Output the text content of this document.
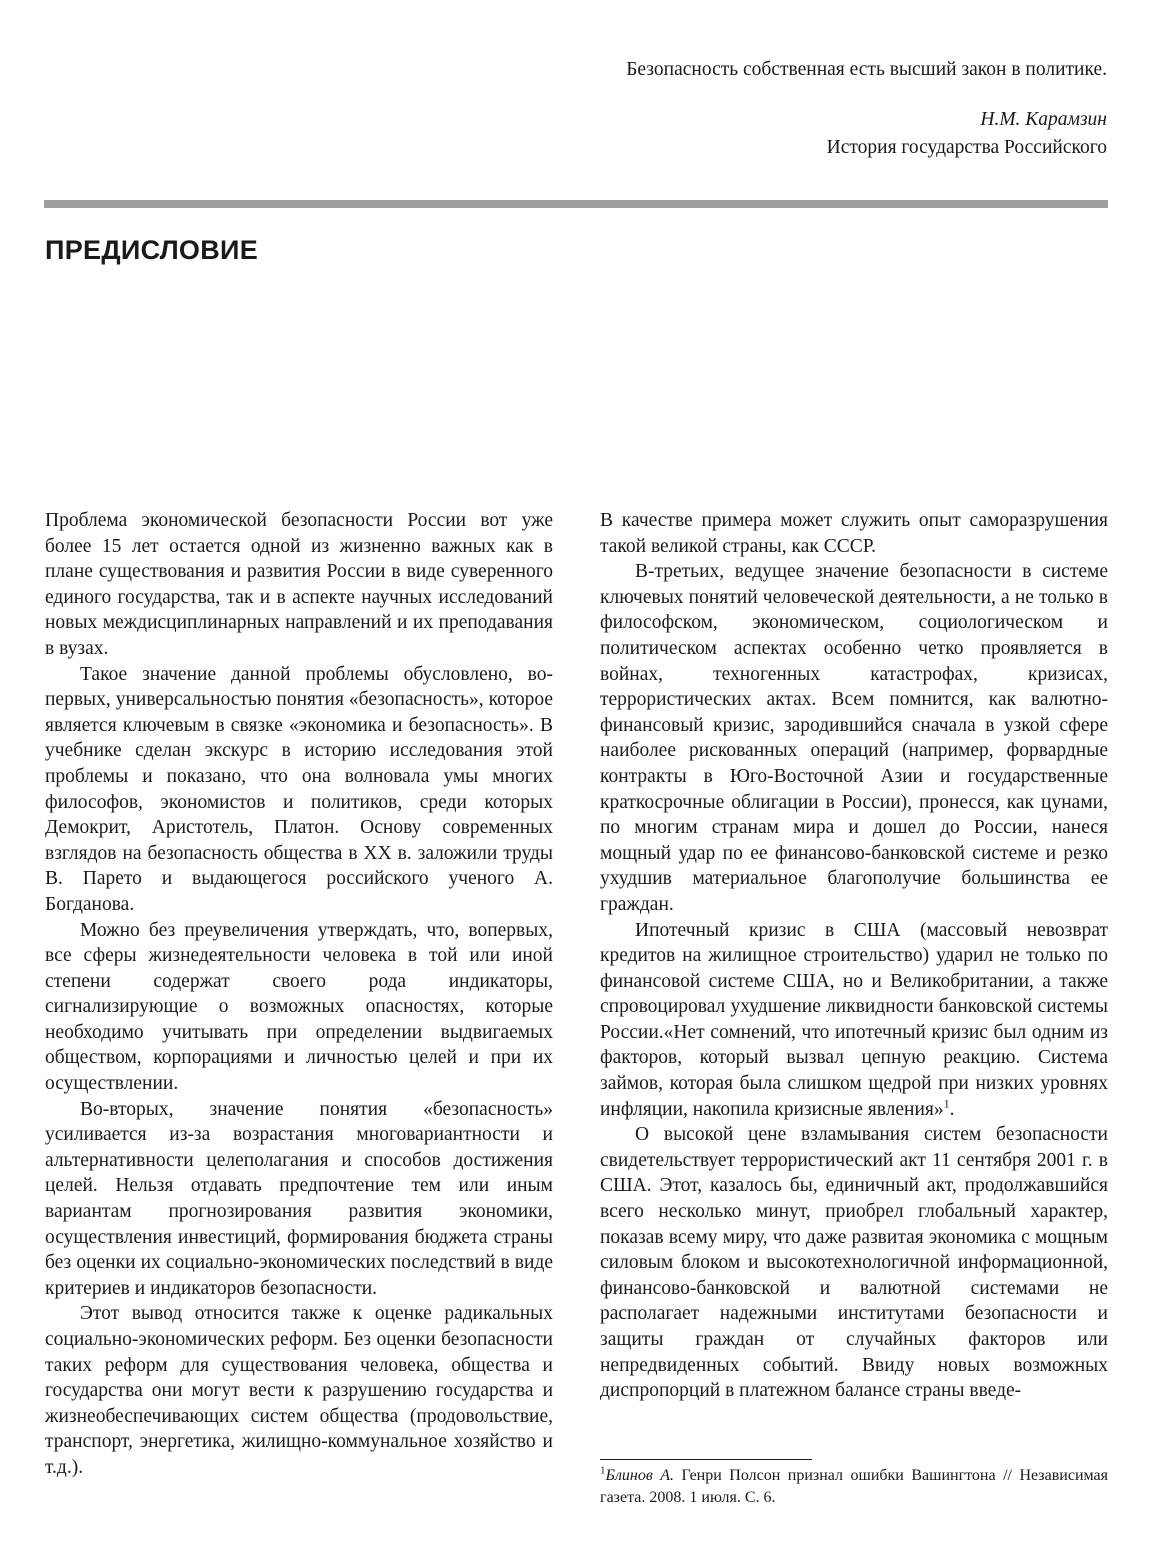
Безопасность собственная есть высший закон в политике.

Н.М. Карамзин

История государства Российского

ПРЕДИСЛОВИЕ

Проблема экономической безопасности России вот уже более 15 лет остается одной из жизненно важных как в плане существования и развития России в виде суверенного единого государства, так и в аспекте научных исследований новых междисциплинарных направлений и их преподавания в вузах.

Такое значение данной проблемы обусловлено, во-первых, универсальностью понятия «безопасность», которое является ключевым в связке «экономика и безопасность». В учебнике сделан экскурс в историю исследования этой проблемы и показано, что она волновала умы многих философов, экономистов и политиков, среди которых Демокрит, Аристотель, Платон. Основу современных взглядов на безопасность общества в XX в. заложили труды В. Парето и выдающегося российского ученого А. Богданова.

Можно без преувеличения утверждать, что, вопервых, все сферы жизнедеятельности человека в той или иной степени содержат своего рода индикаторы, сигнализирующие о возможных опасностях, которые необходимо учитывать при определении выдвигаемых обществом, корпорациями и личностью целей и при их осуществлении.

Во-вторых, значение понятия «безопасность» усиливается из-за возрастания многовариантности и альтернативности целеполагания и способов достижения целей. Нельзя отдавать предпочтение тем или иным вариантам прогнозирования развития экономики, осуществления инвестиций, формирования бюджета страны без оценки их социально-экономических последствий в виде критериев и индикаторов безопасности.

Этот вывод относится также к оценке радикальных социально-экономических реформ. Без оценки безопасности таких реформ для существования человека, общества и государства они могут вести к разрушению государства и жизнеобеспечивающих систем общества (продовольствие, транспорт, энергетика, жилищно-коммунальное хозяйство и т.д.).

В качестве примера может служить опыт саморазрушения такой великой страны, как СССР.

В-третьих, ведущее значение безопасности в системе ключевых понятий человеческой деятельности, а не только в философском, экономическом, социологическом и политическом аспектах особенно четко проявляется в войнах, техногенных катастрофах, кризисах, террористических актах. Всем помнится, как валютно-финансовый кризис, зародившийся сначала в узкой сфере наиболее рискованных операций (например, форвардные контракты в Юго-Восточной Азии и государственные краткосрочные облигации в России), пронесся, как цунами, по многим странам мира и дошел до России, нанеся мощный удар по ее финансово-банковской системе и резко ухудшив материальное благополучие большинства ее граждан.

Ипотечный кризис в США (массовый невозврат кредитов на жилищное строительство) ударил не только по финансовой системе США, но и Великобритании, а также спровоцировал ухудшение ликвидности банковской системы России.«Нет сомнений, что ипотечный кризис был одним из факторов, который вызвал цепную реакцию. Система займов, которая была слишком щедрой при низких уровнях инфляции, накопила кризисные явления»$^1$.

О высокой цене взламывания систем безопасности свидетельствует террористический акт 11 сентября 2001 г. в США. Этот, казалось бы, единичный акт, продолжавшийся всего несколько минут, приобрел глобальный характер, показав всему миру, что даже развитая экономика с мощным силовым блоком и высокотехнологичной информационной, финансово-банковской и валютной системами не располагает надежными институтами безопасности и защиты граждан от случайных факторов или непредвиденных событий. Ввиду новых возможных диспропорций в платежном балансе страны введе-

$^1$Блинов А. Генри Полсон признал ошибки Вашингтона // Независимая газета. 2008. 1 июля. С. 6.
